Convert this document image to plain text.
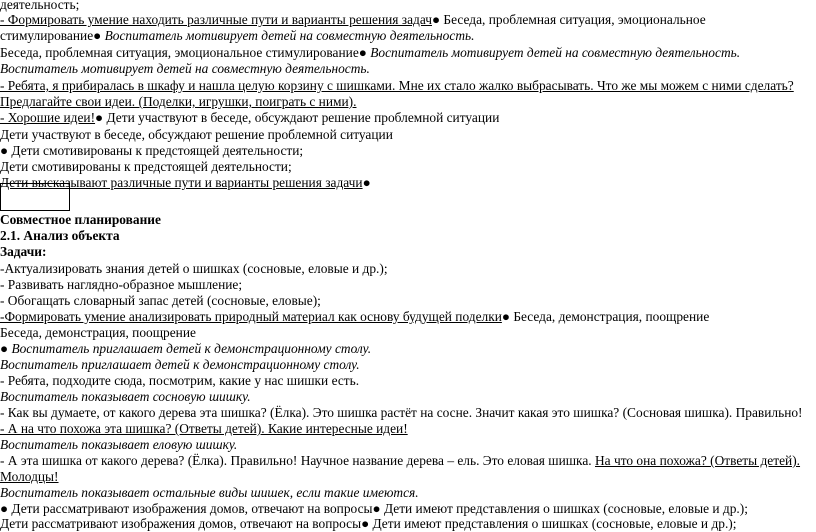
деятельность;
- Формировать умение находить различные пути и варианты решения задач● Беседа, проблемная ситуация, эмоциональное
стимулирование● Воспитатель мотивирует детей на совместную деятельность.
Беседа, проблемная ситуация, эмоциональное стимулирование● Воспитатель мотивирует детей на совместную деятельность.
Воспитатель мотивирует детей на совместную деятельность.
- Ребята, я прибиралась в шкафу и нашла целую корзину с шишками. Мне их стало жалко выбрасывать. Что же мы можем с ними сделать?
Предлагайте свои идеи. (Поделки, игрушки, поиграть с ними).
- Хорошие идеи!● Дети участвуют в беседе, обсуждают решение проблемной ситуации
Дети участвуют в беседе, обсуждают решение проблемной ситуации
● Дети смотивированы к предстоящей деятельности;
Дети смотивированы к предстоящей деятельности;
Дети высказывают различные пути и варианты решения задачи●
Совместное планирование
2.1. Анализ объекта
Задачи:
-Актуализировать знания детей о шишках (сосновые, еловые и др.);
- Развивать наглядно-образное мышление;
- Обогащать словарный запас детей (сосновые, еловые);
-Формировать умение анализировать природный материал как основу будущей поделки● Беседа, демонстрация, поощрение
Беседа, демонстрация, поощрение
● Воспитатель приглашает детей к демонстрационному столу.
Воспитатель приглашает детей к демонстрационному столу.
- Ребята, подходите сюда, посмотрим, какие у нас шишки есть.
Воспитатель показывает сосновую шишку.
- Как вы думаете, от какого дерева эта шишка? (Ёлка). Это шишка растёт на сосне. Значит какая это шишка? (Сосновая шишка). Правильно!
- А на что похожа эта шишка? (Ответы детей). Какие интересные идеи!
Воспитатель показывает еловую шишку.
- А эта шишка от какого дерева? (Ёлка). Правильно! Научное название дерева – ель. Это еловая шишка. На что она похожа? (Ответы детей).
Молодцы!
Воспитатель показывает остальные виды шишек, если такие имеются.
● Дети рассматривают изображения домов, отвечают на вопросы● Дети имеют представления о шишках (сосновые, еловые и др.);
Дети рассматривают изображения домов, отвечают на вопросы● Дети имеют представления о шишках (сосновые, еловые и др.);
